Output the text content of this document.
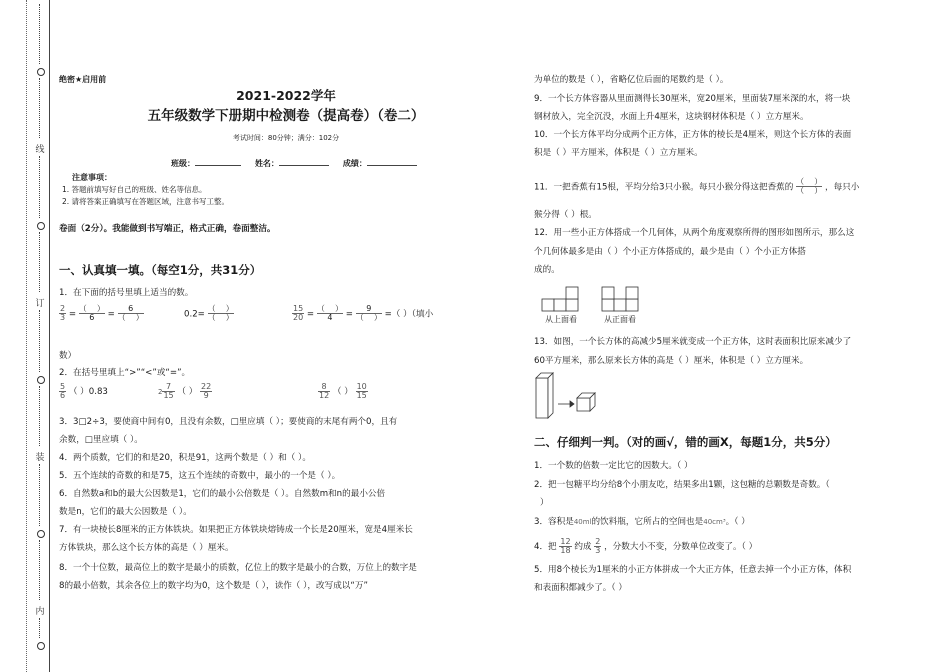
线
订
装
内
绝密★启用前
2021-2022学年
五年级数学下册期中检测卷（提高卷）（卷二）
考试时间：80分钟；满分：102分
班级：	姓名：	成绩：
注意事项：
1. 答题前填写好自己的班级、姓名等信息。
2. 请将答案正确填写在答题区域，注意书写工整。
卷面（2分）。我能做到书写端正，格式正确，卷面整洁。
一、认真填一填。（每空1分，共31分）
1．在下面的括号里填上适当的数。
$\frac{2}{3}$ =
（    ）
6 =
6
（    ）	0.2=
（    ）
（    ）	$\frac{15}{20}$ =
（    ）
4 =
9
（    ） =（ ）（填小
数）
2．在括号里填上“>”“<”或“=”。
$\frac{5}{6}$ （ ）0.83	$2 \frac{7}{15}$ （ ） $\frac{22}{9}$	$\frac{8}{12}$ （ ） $\frac{10}{15}$
3．3□2÷3，要使商中间有0，且没有余数，□里应填（ ）；要使商的末尾有两个0，且有
余数，□里应填（ ）。
4．两个质数，它们的和是20，积是91，这两个数是（ ）和（ ）。
5．五个连续的奇数的和是75，这五个连续的奇数中，最小的一个是（ ）。
6．自然数a和b的最大公因数是1，它们的最小公倍数是（ ）。自然数m和n的最小公倍
数是n，它们的最大公因数是（ ）。
7．有一块棱长8厘米的正方体铁块。如果把正方体铁块熔铸成一个长是20厘米，宽是4厘米长
方体铁块，那么这个长方体的高是（ ）厘米。
8．一个十位数，最高位上的数字是最小的质数，亿位上的数字是最小的合数，万位上的数字是
8的最小倍数，其余各位上的数字均为0，这个数是（ ），读作（ ），改写成以“万”
为单位的数是（ ），省略亿位后面的尾数约是（ ）。
9．一个长方体容器从里面测得长30厘米，宽20厘米，里面装7厘米深的水，将一块
钢材放入，完全沉没，水面上升4厘米，这块钢材体积是（ ）立方厘米。
10．一个长方体平均分成两个正方体，正方体的棱长是4厘米，则这个长方体的表面
积是（ ）平方厘米，体积是（ ）立方厘米。
11．一把香蕉有15根，平均分给3只小猴。每只小猴分得这把香蕉的
（    ）
（    ） ，每只小
猴分得（ ）根。
12．用一些小正方体搭成一个几何体，从两个角度观察所得的图形如图所示，那么这
个几何体最多是由（ ）个小正方体搭成的，最少是由（ ）个小正方体搭
成的。
从上面看	从正面看
13．如图，一个长方体的高减少5厘米就变成一个正方体，这时表面积比原来减少了
60平方厘米，那么原来长方体的高是（ ）厘米，体积是（ ）立方厘米。
二、仔细判一判。（对的画√，错的画X，每题1分，共5分）
1．一个数的倍数一定比它的因数大。（ ）
2．把一包糖平均分给8个小朋友吃，结果多出1颗，这包糖的总颗数是奇数。（
）
3．容积是40ml的饮料瓶，它所占的空间也是40cm³。（ ）
4．把 $\frac{12}{18}$ 约成 $\frac{2}{3}$ ，分数大小不变，分数单位改变了。（ ）
5．用8个棱长为1厘米的小正方体拼成一个大正方体，任意去掉一个小正方体，体积
和表面积都减少了。（ ）
